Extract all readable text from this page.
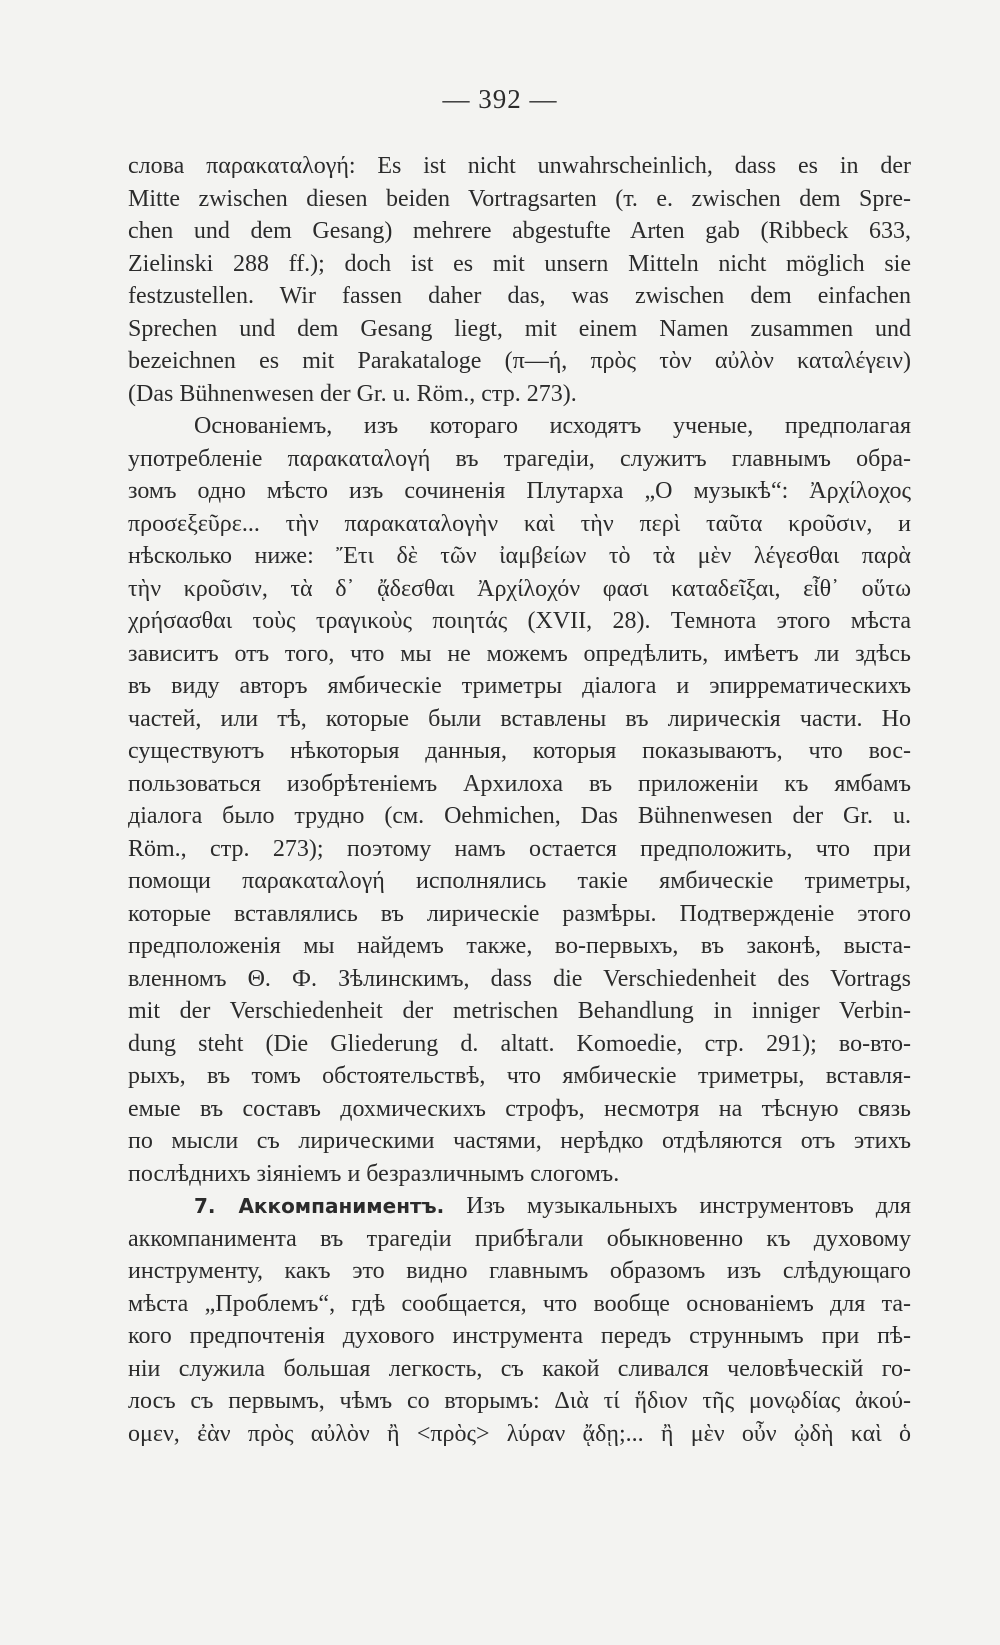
— 392 —
слова παρακαταλογή: Es ist nicht unwahrscheinlich, dass es in der
Mitte zwischen diesen beiden Vortragsarten (т. е. zwischen dem Spre-
chen und dem Gesang) mehrere abgestufte Arten gab (Ribbeck 633,
Zielinski 288 ff.); doch ist es mit unsern Mitteln nicht möglich sie
festzustellen. Wir fassen daher das, was zwischen dem einfachen
Sprechen und dem Gesang liegt, mit einem Namen zusammen und
bezeichnen es mit Parakataloge (π—ή, πρὸς τὸν αὐλὸν καταλέγειν)
(Das Bühnenwesen der Gr. u. Röm., стр. 273).
Основаніемъ, изъ котораго исходятъ ученые, предполагая
употребленіе παρακαταλογή въ трагедіи, служитъ главнымъ обра-
зомъ одно мѣсто изъ сочиненія Плутарха „О музыкѣ“: Ἀρχίλοχος
προσεξεῦρε... τὴν παρακαταλογὴν καὶ τὴν περὶ ταῦτα κροῦσιν, и
нѣсколько ниже: Ἔτι δὲ τῶν ἰαμβείων τὸ τὰ μὲν λέγεσθαι παρὰ
τὴν κροῦσιν, τὰ δ᾽ ᾄδεσθαι Ἀρχίλοχόν φασι καταδεῖξαι, εἶθ᾽ οὕτω
χρήσασθαι τοὺς τραγικοὺς ποιητάς (XVII, 28). Темнота этого мѣста
зависитъ отъ того, что мы не можемъ опредѣлить, имѣетъ ли здѣсь
въ виду авторъ ямбическіе триметры діалога и эпирремaтическихъ
частей, или тѣ, которые были вставлены въ лирическія части. Но
существуютъ нѣкоторыя данныя, которыя показываютъ, что вос-
пользоваться изобрѣтеніемъ Архилоха въ приложеніи къ ямбамъ
діалога было трудно (см. Oehmichen, Das Bühnenwesen der Gr. u.
Röm., стр. 273); поэтому намъ остается предположить, что при
помощи παρακαταλογή исполнялись такіе ямбическіе триметры,
которые вставлялись въ лирическіе размѣры. Подтвержденіе этого
предположенія мы найдемъ также, во-первыхъ, въ законѣ, выста-
вленномъ Θ. Ф. Зѣлинскимъ, dass die Verschiedenheit des Vortrags
mit der Verschiedenheit der metrischen Behandlung in inniger Verbin-
dung steht (Die Gliederung d. altatt. Komoedie, стр. 291); во-вто-
рыхъ, въ томъ обстоятельствѣ, что ямбическіе триметры, вставля-
емые въ составъ дохмическихъ строфъ, несмотря на тѣсную связь
по мысли съ лирическими частями, нерѣдко отдѣляются отъ этихъ
послѣднихъ зіяніемъ и безразличнымъ слогомъ.
7. Аккомпаниментъ. Изъ музыкальныхъ инструментовъ для
аккомпанимента въ трагедіи прибѣгали обыкновенно къ духовому
инструменту, какъ это видно главнымъ образомъ изъ слѣдующаго
мѣста „Проблемъ“, гдѣ сообщается, что вообще основаніемъ для та-
кого предпочтенія духового инструмента передъ струннымъ при пѣ-
ніи служила большая легкость, съ какой сливался человѣческій го-
лосъ съ первымъ, чѣмъ со вторымъ: Διὰ τί ἥδιον τῆς μονῳδίας ἀκού-
ομεν, ἐὰν πρὸς αὐλὸν ἢ <πρὸς> λύραν ᾄδῃ;... ἢ μὲν οὖν ᾠδὴ καὶ ὁ
